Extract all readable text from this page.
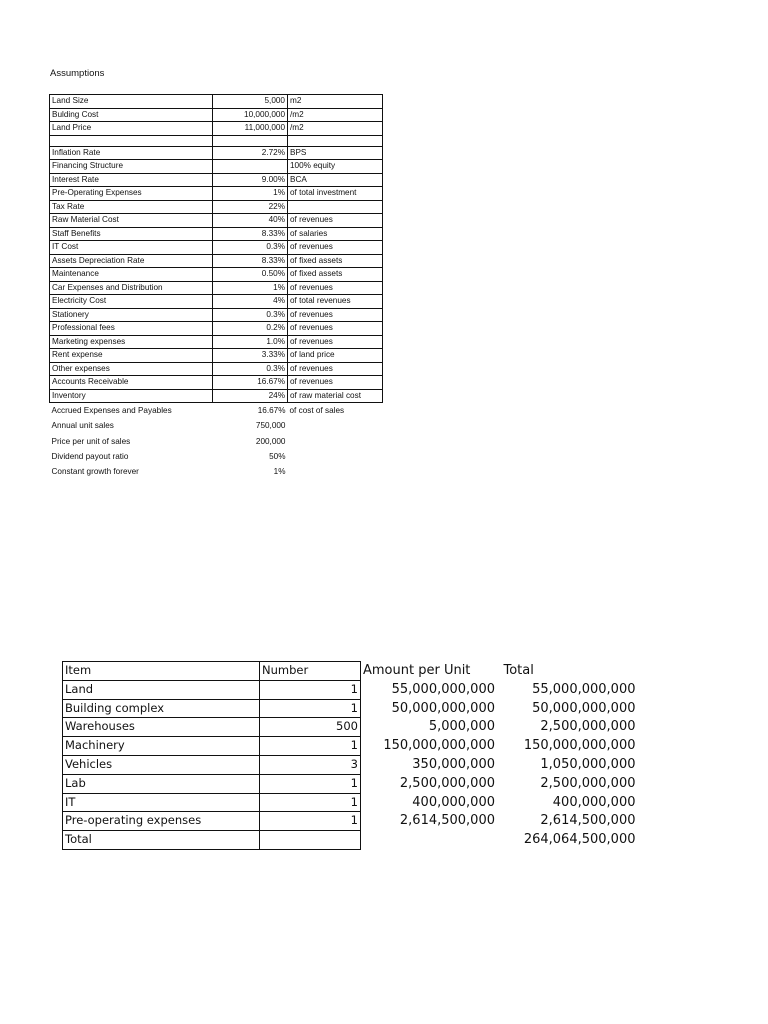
Assumptions
Land Size	5,000	m2
Bulding Cost	10,000,000	/m2
Land Price	11,000,000	/m2

Inflation Rate	2.72%	BPS
Financing Structure		100% equity
Interest Rate	9.00%	BCA
Pre-Operating Expenses	1%	of total investment
Tax Rate	22%	
Raw Material Cost	40%	of revenues
Staff Benefits	8.33%	of salaries
IT Cost	0.3%	of revenues
Assets Depreciation Rate	8.33%	of fixed assets
Maintenance	0.50%	of fixed assets
Car Expenses and Distribution	1%	of revenues
Electricity Cost	4%	of total revenues
Stationery	0.3%	of revenues
Professional fees	0.2%	of revenues
Marketing expenses	1.0%	of revenues
Rent expense	3.33%	of land price
Other expenses	0.3%	of revenues
Accounts Receivable	16.67%	of revenues
Inventory	24%	of raw material cost
Accrued Expenses and Payables	16.67%	of cost of sales
Annual unit sales	750,000	
Price per unit of sales	200,000	
Dividend payout ratio	50%	
Constant growth forever	1%	
Item	Number	Amount per Unit	Total
Land	1	55,000,000,000	55,000,000,000
Building complex	1	50,000,000,000	50,000,000,000
Warehouses	500	5,000,000	2,500,000,000
Machinery	1	150,000,000,000	150,000,000,000
Vehicles	3	350,000,000	1,050,000,000
Lab	1	2,500,000,000	2,500,000,000
IT	1	400,000,000	400,000,000
Pre-operating expenses	1	2,614,500,000	2,614,500,000
Total			264,064,500,000
